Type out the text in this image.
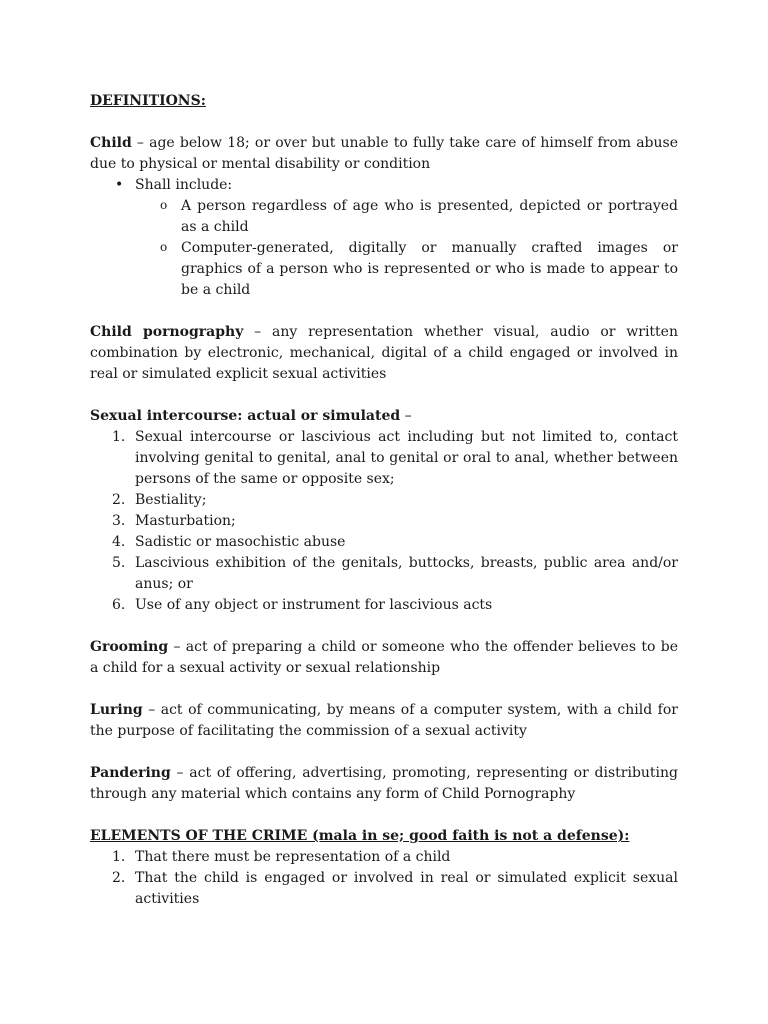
DEFINITIONS:

Child – age below 18; or over but unable to fully take care of himself from abuse due to physical or mental disability or condition

• Shall include:
o A person regardless of age who is presented, depicted or portrayed as a child
o Computer-generated, digitally or manually crafted images or graphics of a person who is represented or who is made to appear to be a child

Child pornography – any representation whether visual, audio or written combination by electronic, mechanical, digital of a child engaged or involved in real or simulated explicit sexual activities

Sexual intercourse: actual or simulated –

1. Sexual intercourse or lascivious act including but not limited to, contact involving genital to genital, anal to genital or oral to anal, whether between persons of the same or opposite sex;
2. Bestiality;
3. Masturbation;
4. Sadistic or masochistic abuse
5. Lascivious exhibition of the genitals, buttocks, breasts, public area and/or anus; or
6. Use of any object or instrument for lascivious acts

Grooming – act of preparing a child or someone who the offender believes to be a child for a sexual activity or sexual relationship

Luring – act of communicating, by means of a computer system, with a child for the purpose of facilitating the commission of a sexual activity

Pandering – act of offering, advertising, promoting, representing or distributing through any material which contains any form of Child Pornography

ELEMENTS OF THE CRIME (mala in se; good faith is not a defense):

1. That there must be representation of a child
2. That the child is engaged or involved in real or simulated explicit sexual activities
